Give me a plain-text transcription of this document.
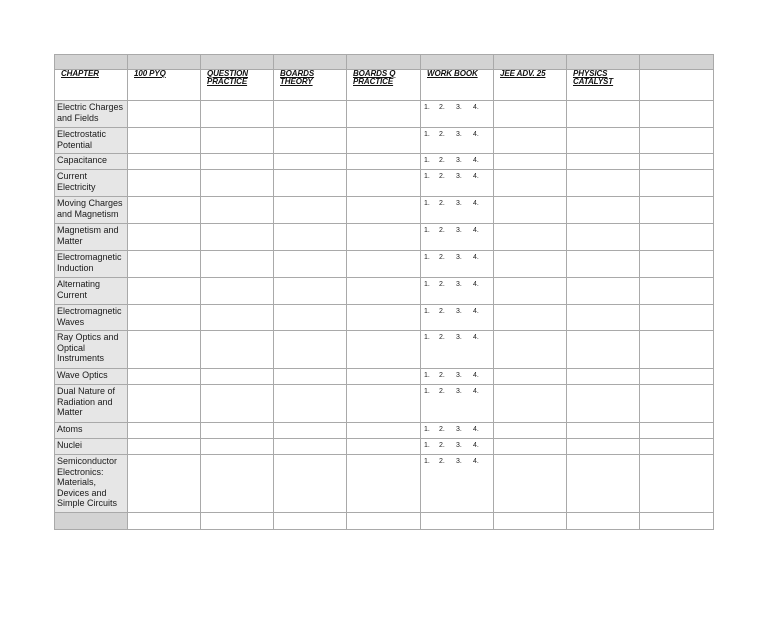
CHAPTER	100 PYQ	QUESTION PRACTICE	BOARDS THEORY	BOARDS Q PRACTICE	WORK BOOK	JEE ADV. 25	PHYSICS CATALYST	

Electric Charges and Fields					1. 2. 3. 4.			

Electrostatic Potential					1. 2. 3. 4.			

Capacitance					1. 2. 3. 4.			

Current Electricity					1. 2. 3. 4.			

Moving Charges and Magnetism					1. 2. 3. 4.			

Magnetism and Matter					1. 2. 3. 4.			

Electromagnetic Induction					1. 2. 3. 4.			

Alternating Current					1. 2. 3. 4.			

Electromagnetic Waves					1. 2. 3. 4.			

Ray Optics and Optical Instruments					1. 2. 3. 4.			

Wave Optics					1. 2. 3. 4.			

Dual Nature of Radiation and Matter					1. 2. 3. 4.			

Atoms					1. 2. 3. 4.			

Nuclei					1. 2. 3. 4.			

Semiconductor Electronics: Materials, Devices and Simple Circuits					1. 2. 3. 4.			
